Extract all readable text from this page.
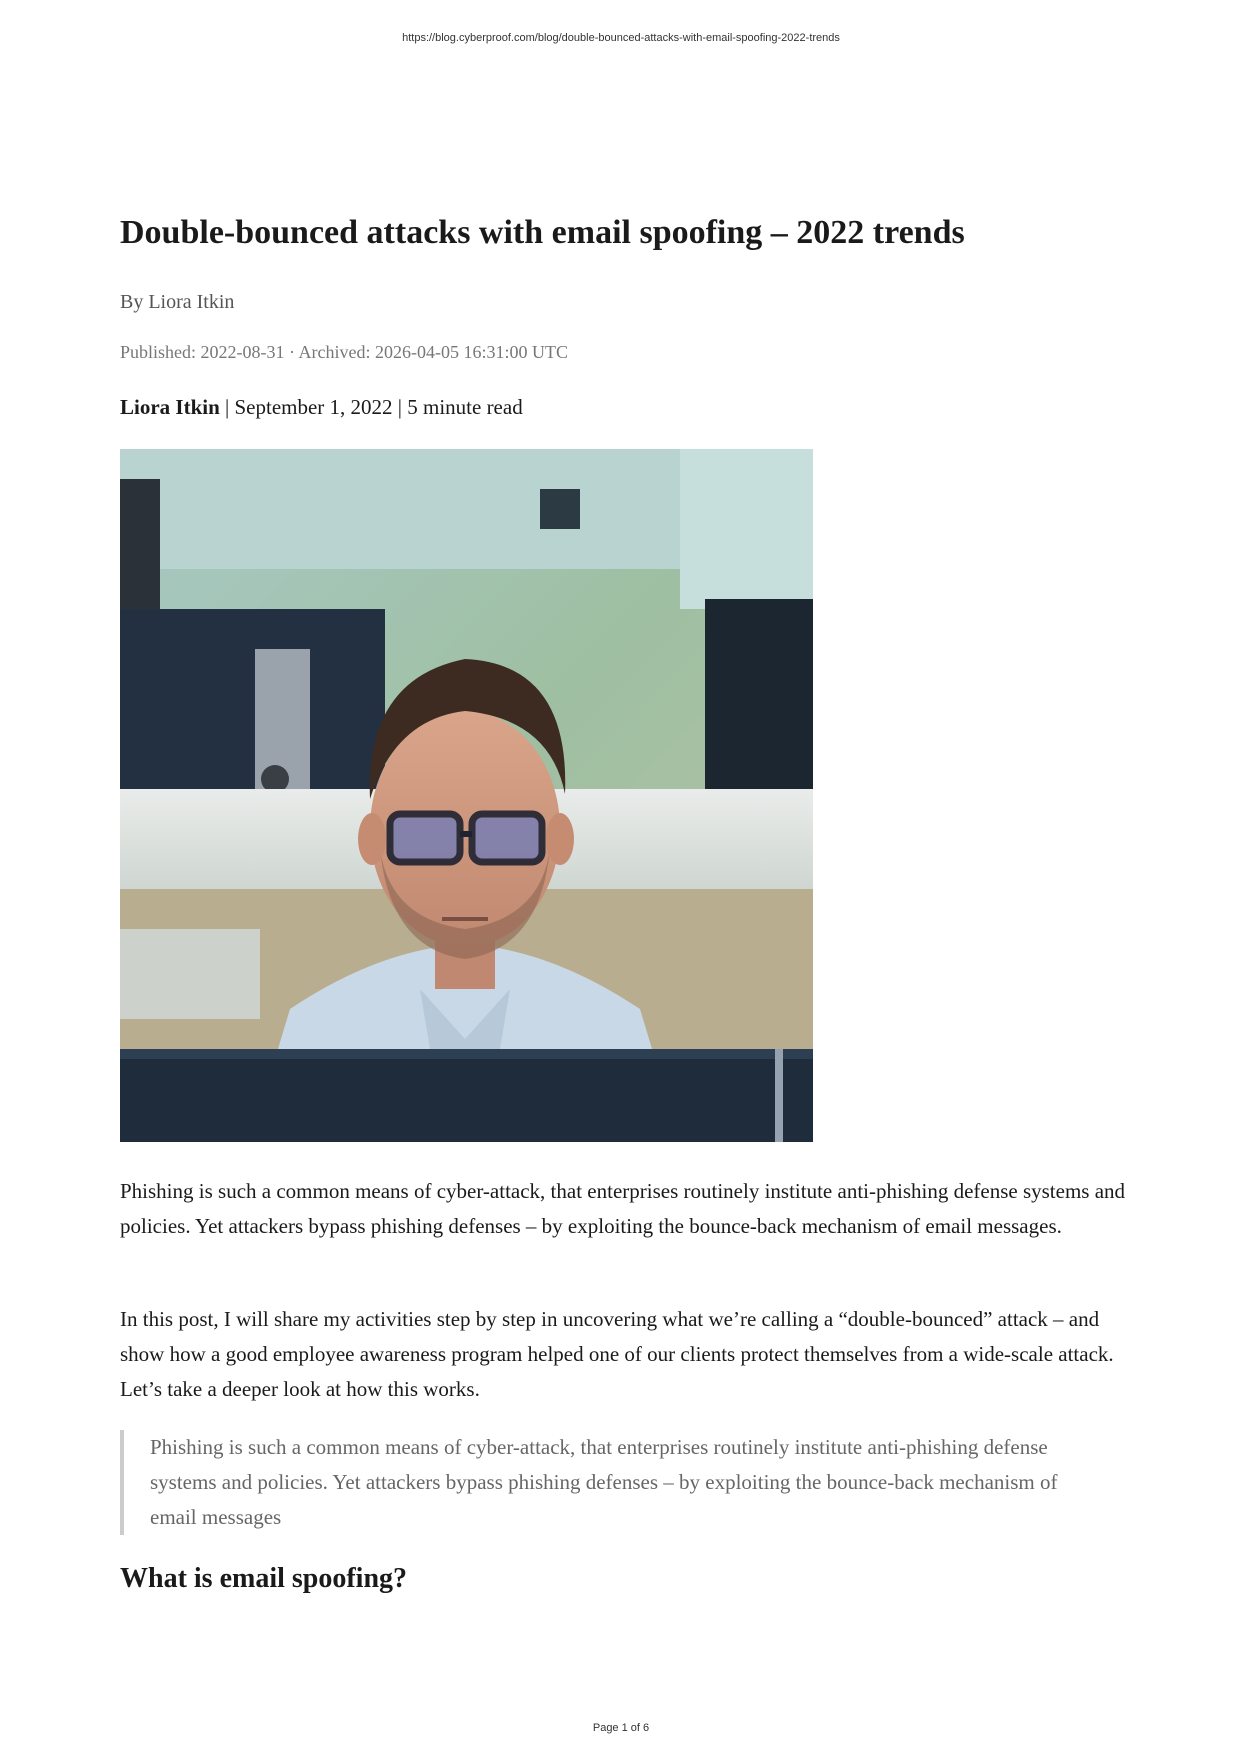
https://blog.cyberproof.com/blog/double-bounced-attacks-with-email-spoofing-2022-trends
Double-bounced attacks with email spoofing – 2022 trends
By Liora Itkin
Published: 2022-08-31 · Archived: 2026-04-05 16:31:00 UTC
Liora Itkin | September 1, 2022 | 5 minute read

Phishing is such a common means of cyber-attack, that enterprises routinely institute anti-phishing defense systems and policies. Yet attackers bypass phishing defenses – by exploiting the bounce-back mechanism of email messages.

In this post, I will share my activities step by step in uncovering what we’re calling a “double-bounced” attack – and show how a good employee awareness program helped one of our clients protect themselves from a wide-scale attack. Let’s take a deeper look at how this works.

Phishing is such a common means of cyber-attack, that enterprises routinely institute anti-phishing defense systems and policies. Yet attackers bypass phishing defenses – by exploiting the bounce-back mechanism of email messages

What is email spoofing?
Page 1 of 6
